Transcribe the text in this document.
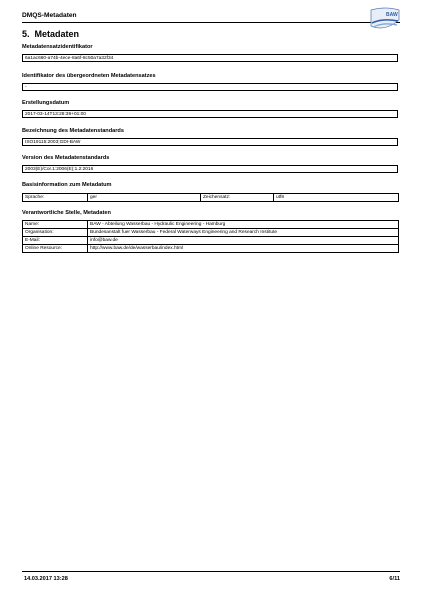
DMQS-Metadaten	BAW
5. Metadaten
Metadatensatzidentifikator
6a1ac660-a74b-4ece-8a6f-8c50a7a32f34
Identifikator des übergeordneten Metadatensatzes
-
Erstellungsdatum
2017-03-14T13:28:39+01:00
Bezeichnung des Metadatenstandards
ISO19115:2003;GDI-BAW
Version des Metadatenstandards
2003(E)/Cor.1:2006(E);1.2:2016
Basisinformation zum Metadatum
Sprache:	ger	Zeichensatz:	utf8
Verantwortliche Stelle, Metadaten
Name:	BAW - Abteilung Wasserbau - Hydraulic Engineering - Hamburg
Organisation:	Bundesanstalt fuer Wasserbau - Federal Waterways Engineering and Research Institute
E-Mail:	info@baw.de
Online Resource:	http://www.baw.de/de/wasserbau/index.html
14.03.2017 13:28	6/11
